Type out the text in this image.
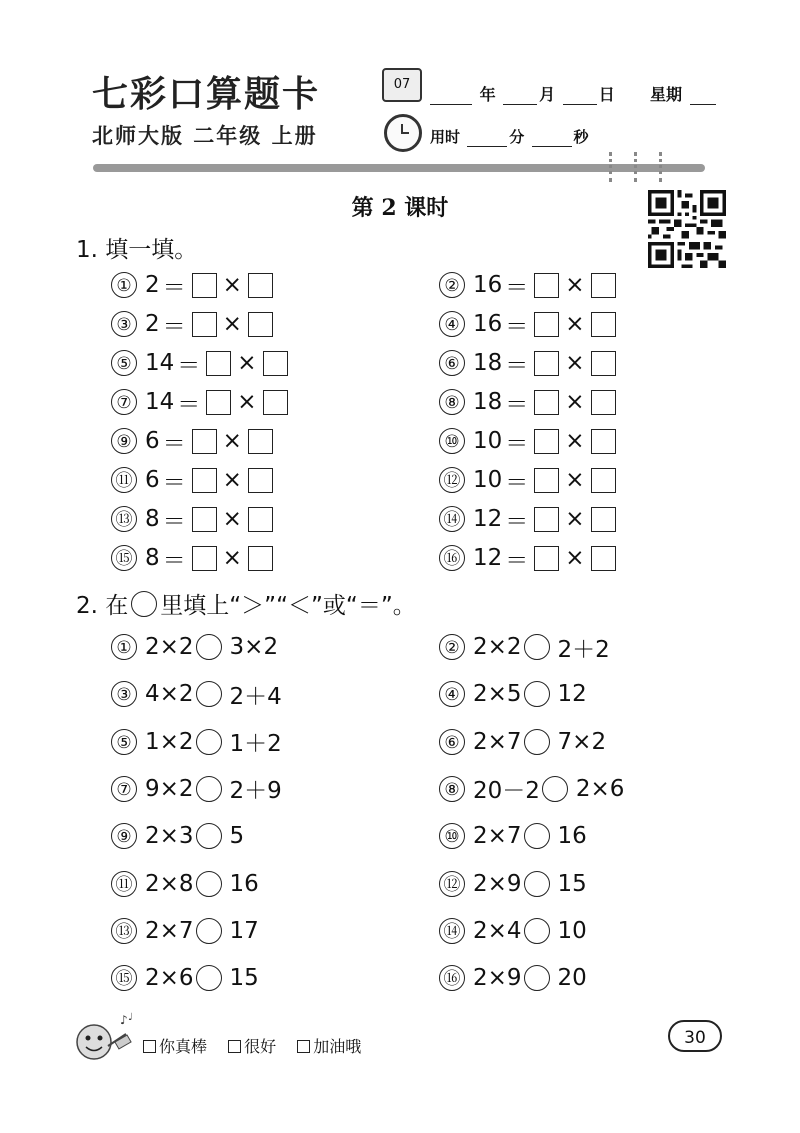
七彩口算题卡
北师大版 二年级 上册
07
年	月	日 星期
用时	分	秒
第 2 课时
1. 填一填。
① 2 ＝ ×	② 16 ＝ ×
③ 2 ＝ ×	④ 16 ＝ ×
⑤ 14 ＝ ×	⑥ 18 ＝ ×
⑦ 14 ＝ ×	⑧ 18 ＝ ×
⑨ 6 ＝ ×	⑩ 10 ＝ ×
⑪ 6 ＝ ×	⑫ 10 ＝ ×
⑬ 8 ＝ ×	⑭ 12 ＝ ×
⑮ 8 ＝ ×	⑯ 12 ＝ ×
2. 在 里填上“＞”“＜”或“＝”。
① 2×2 3×2	② 2×2 2＋2
③ 4×2 2＋4	④ 2×5 12
⑤ 1×2 1＋2	⑥ 2×7 7×2
⑦ 9×2 2＋9	⑧ 20－2 2×6
⑨ 2×3 5	⑩ 2×7 16
⑪ 2×8 16	⑫ 2×9 15
⑬ 2×7 17	⑭ 2×4 10
⑮ 2×6 15	⑯ 2×9 20
♪ ♩
你真棒 很好 加油哦	30
